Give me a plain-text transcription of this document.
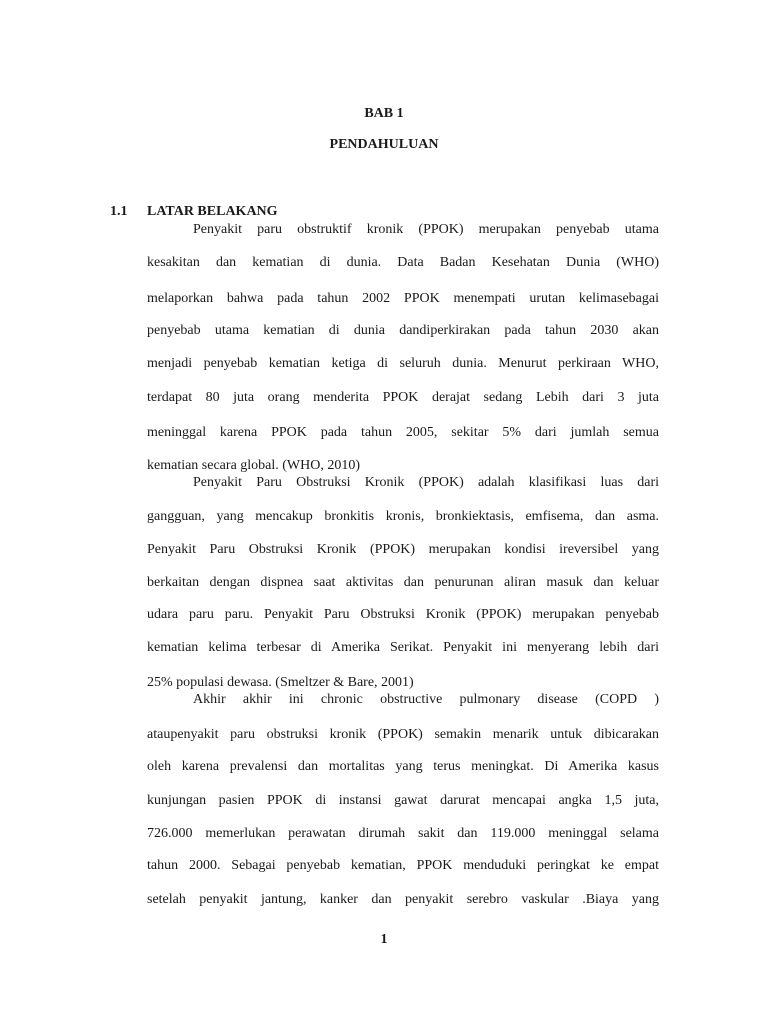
BAB 1
PENDAHULUAN
1.1 LATAR BELAKANG
Penyakit paru obstruktif kronik (PPOK) merupakan penyebab utama
kesakitan dan kematian di dunia. Data Badan Kesehatan Dunia (WHO)
melaporkan bahwa pada tahun 2002 PPOK menempati urutan kelimasebagai
penyebab utama kematian di dunia dandiperkirakan pada tahun 2030 akan
menjadi penyebab kematian ketiga di seluruh dunia. Menurut perkiraan WHO,
terdapat 80 juta orang menderita PPOK derajat sedang Lebih dari 3 juta
meninggal karena PPOK pada tahun 2005, sekitar 5% dari jumlah semua
kematian secara global. (WHO, 2010)
Penyakit Paru Obstruksi Kronik (PPOK) adalah klasifikasi luas dari
gangguan, yang mencakup bronkitis kronis, bronkiektasis, emfisema, dan asma.
Penyakit Paru Obstruksi Kronik (PPOK) merupakan kondisi ireversibel yang
berkaitan dengan dispnea saat aktivitas dan penurunan aliran masuk dan keluar
udara paru paru. Penyakit Paru Obstruksi Kronik (PPOK) merupakan penyebab
kematian kelima terbesar di Amerika Serikat. Penyakit ini menyerang lebih dari
25% populasi dewasa. (Smeltzer & Bare, 2001)
Akhir akhir ini chronic obstructive pulmonary disease (COPD )
ataupenyakit paru obstruksi kronik (PPOK) semakin menarik untuk dibicarakan
oleh karena prevalensi dan mortalitas yang terus meningkat. Di Amerika kasus
kunjungan pasien PPOK di instansi gawat darurat mencapai angka 1,5 juta,
726.000 memerlukan perawatan dirumah sakit dan 119.000 meninggal selama
tahun 2000. Sebagai penyebab kematian, PPOK menduduki peringkat ke empat
setelah penyakit jantung, kanker dan penyakit serebro vaskular .Biaya yang
1
